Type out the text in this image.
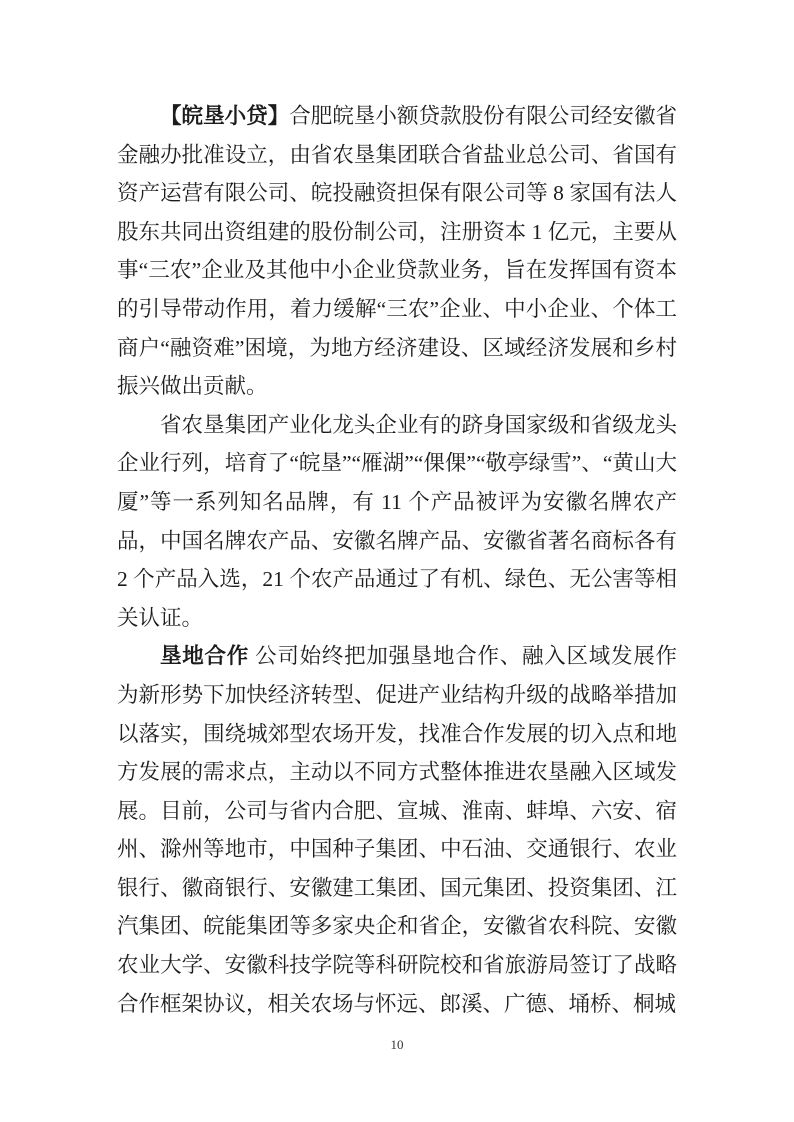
【皖垦小贷】合肥皖垦小额贷款股份有限公司经安徽省金融办批准设立，由省农垦集团联合省盐业总公司、省国有资产运营有限公司、皖投融资担保有限公司等 8 家国有法人股东共同出资组建的股份制公司，注册资本 1 亿元，主要从事“三农”企业及其他中小企业贷款业务，旨在发挥国有资本的引导带动作用，着力缓解“三农”企业、中小企业、个体工商户“融资难”困境，为地方经济建设、区域经济发展和乡村振兴做出贡献。

省农垦集团产业化龙头企业有的跻身国家级和省级龙头企业行列，培育了“皖垦”“雁湖”“倮倮”“敬亭绿雪”、“黄山大厦”等一系列知名品牌，有 11 个产品被评为安徽名牌农产品，中国名牌农产品、安徽名牌产品、安徽省著名商标各有 2 个产品入选，21 个农产品通过了有机、绿色、无公害等相关认证。

垦地合作 公司始终把加强垦地合作、融入区域发展作为新形势下加快经济转型、促进产业结构升级的战略举措加以落实，围绕城郊型农场开发，找准合作发展的切入点和地方发展的需求点，主动以不同方式整体推进农垦融入区域发展。目前，公司与省内合肥、宣城、淮南、蚌埠、六安、宿州、滁州等地市，中国种子集团、中石油、交通银行、农业银行、徽商银行、安徽建工集团、国元集团、投资集团、江汽集团、皖能集团等多家央企和省企，安徽省农科院、安徽农业大学、安徽科技学院等科研院校和省旅游局签订了战略合作框架协议，相关农场与怀远、郎溪、广德、埇桥、桐城

10
